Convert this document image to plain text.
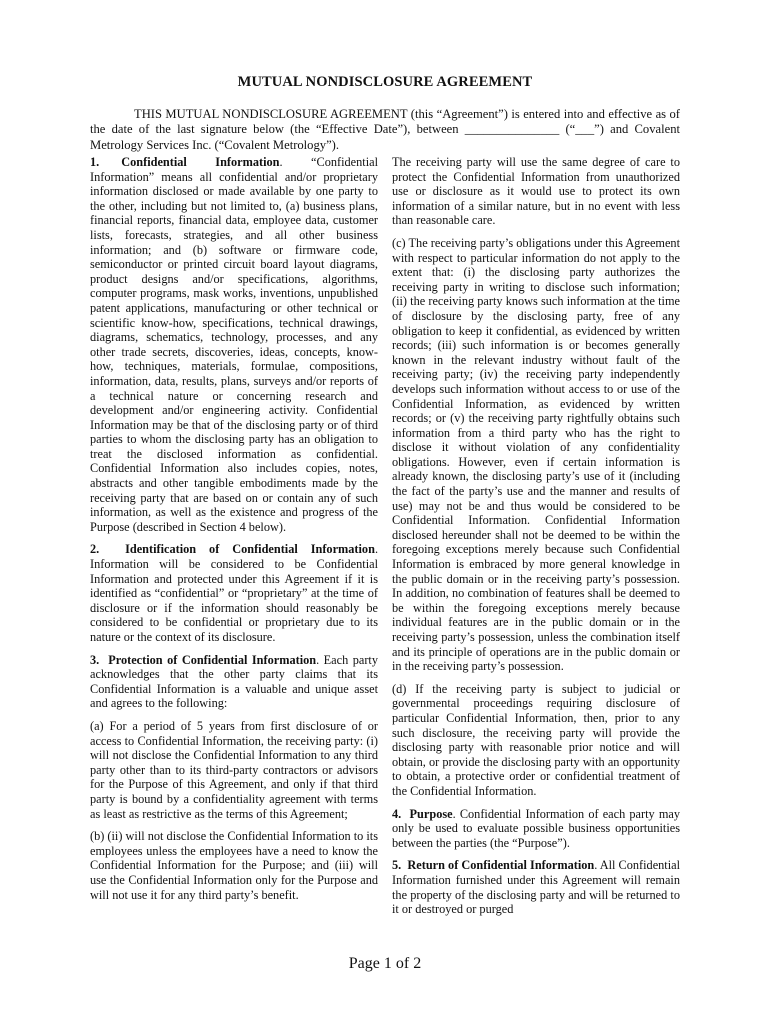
MUTUAL NONDISCLOSURE AGREEMENT

THIS MUTUAL NONDISCLOSURE AGREEMENT (this “Agreement”) is entered into and effective as of the date of the last signature below (the “Effective Date”), between _______________ (“___”) and Covalent Metrology Services Inc. (“Covalent Metrology”).

1. Confidential Information. “Confidential Information” means all confidential and/or proprietary information disclosed or made available by one party to the other, including but not limited to, (a) business plans, financial reports, financial data, employee data, customer lists, forecasts, strategies, and all other business information; and (b) software or firmware code, semiconductor or printed circuit board layout diagrams, product designs and/or specifications, algorithms, computer programs, mask works, inventions, unpublished patent applications, manufacturing or other technical or scientific know-how, specifications, technical drawings, diagrams, schematics, technology, processes, and any other trade secrets, discoveries, ideas, concepts, know-how, techniques, materials, formulae, compositions, information, data, results, plans, surveys and/or reports of a technical nature or concerning research and development and/or engineering activity. Confidential Information may be that of the disclosing party or of third parties to whom the disclosing party has an obligation to treat the disclosed information as confidential. Confidential Information also includes copies, notes, abstracts and other tangible embodiments made by the receiving party that are based on or contain any of such information, as well as the existence and progress of the Purpose (described in Section 4 below).

2. Identification of Confidential Information. Information will be considered to be Confidential Information and protected under this Agreement if it is identified as “confidential” or “proprietary” at the time of disclosure or if the information should reasonably be considered to be confidential or proprietary due to its nature or the context of its disclosure.

3. Protection of Confidential Information. Each party acknowledges that the other party claims that its Confidential Information is a valuable and unique asset and agrees to the following:

(a) For a period of 5 years from first disclosure of or access to Confidential Information, the receiving party: (i) will not disclose the Confidential Information to any third party other than to its third-party contractors or advisors for the Purpose of this Agreement, and only if that third party is bound by a confidentiality agreement with terms as least as restrictive as the terms of this Agreement;

(b) (ii) will not disclose the Confidential Information to its employees unless the employees have a need to know the Confidential Information for the Purpose; and (iii) will use the Confidential Information only for the Purpose and will not use it for any third party’s benefit.

The receiving party will use the same degree of care to protect the Confidential Information from unauthorized use or disclosure as it would use to protect its own information of a similar nature, but in no event with less than reasonable care.

(c) The receiving party’s obligations under this Agreement with respect to particular information do not apply to the extent that: (i) the disclosing party authorizes the receiving party in writing to disclose such information; (ii) the receiving party knows such information at the time of disclosure by the disclosing party, free of any obligation to keep it confidential, as evidenced by written records; (iii) such information is or becomes generally known in the relevant industry without fault of the receiving party; (iv) the receiving party independently develops such information without access to or use of the Confidential Information, as evidenced by written records; or (v) the receiving party rightfully obtains such information from a third party who has the right to disclose it without violation of any confidentiality obligations. However, even if certain information is already known, the disclosing party’s use of it (including the fact of the party’s use and the manner and results of use) may not be and thus would be considered to be Confidential Information. Confidential Information disclosed hereunder shall not be deemed to be within the foregoing exceptions merely because such Confidential Information is embraced by more general knowledge in the public domain or in the receiving party’s possession. In addition, no combination of features shall be deemed to be within the foregoing exceptions merely because individual features are in the public domain or in the receiving party’s possession, unless the combination itself and its principle of operations are in the public domain or in the receiving party’s possession.

(d) If the receiving party is subject to judicial or governmental proceedings requiring disclosure of particular Confidential Information, then, prior to any such disclosure, the receiving party will provide the disclosing party with reasonable prior notice and will obtain, or provide the disclosing party with an opportunity to obtain, a protective order or confidential treatment of the Confidential Information.

4. Purpose. Confidential Information of each party may only be used to evaluate possible business opportunities between the parties (the “Purpose”).

5. Return of Confidential Information. All Confidential Information furnished under this Agreement will remain the property of the disclosing party and will be returned to it or destroyed or purged

Page 1 of 2
